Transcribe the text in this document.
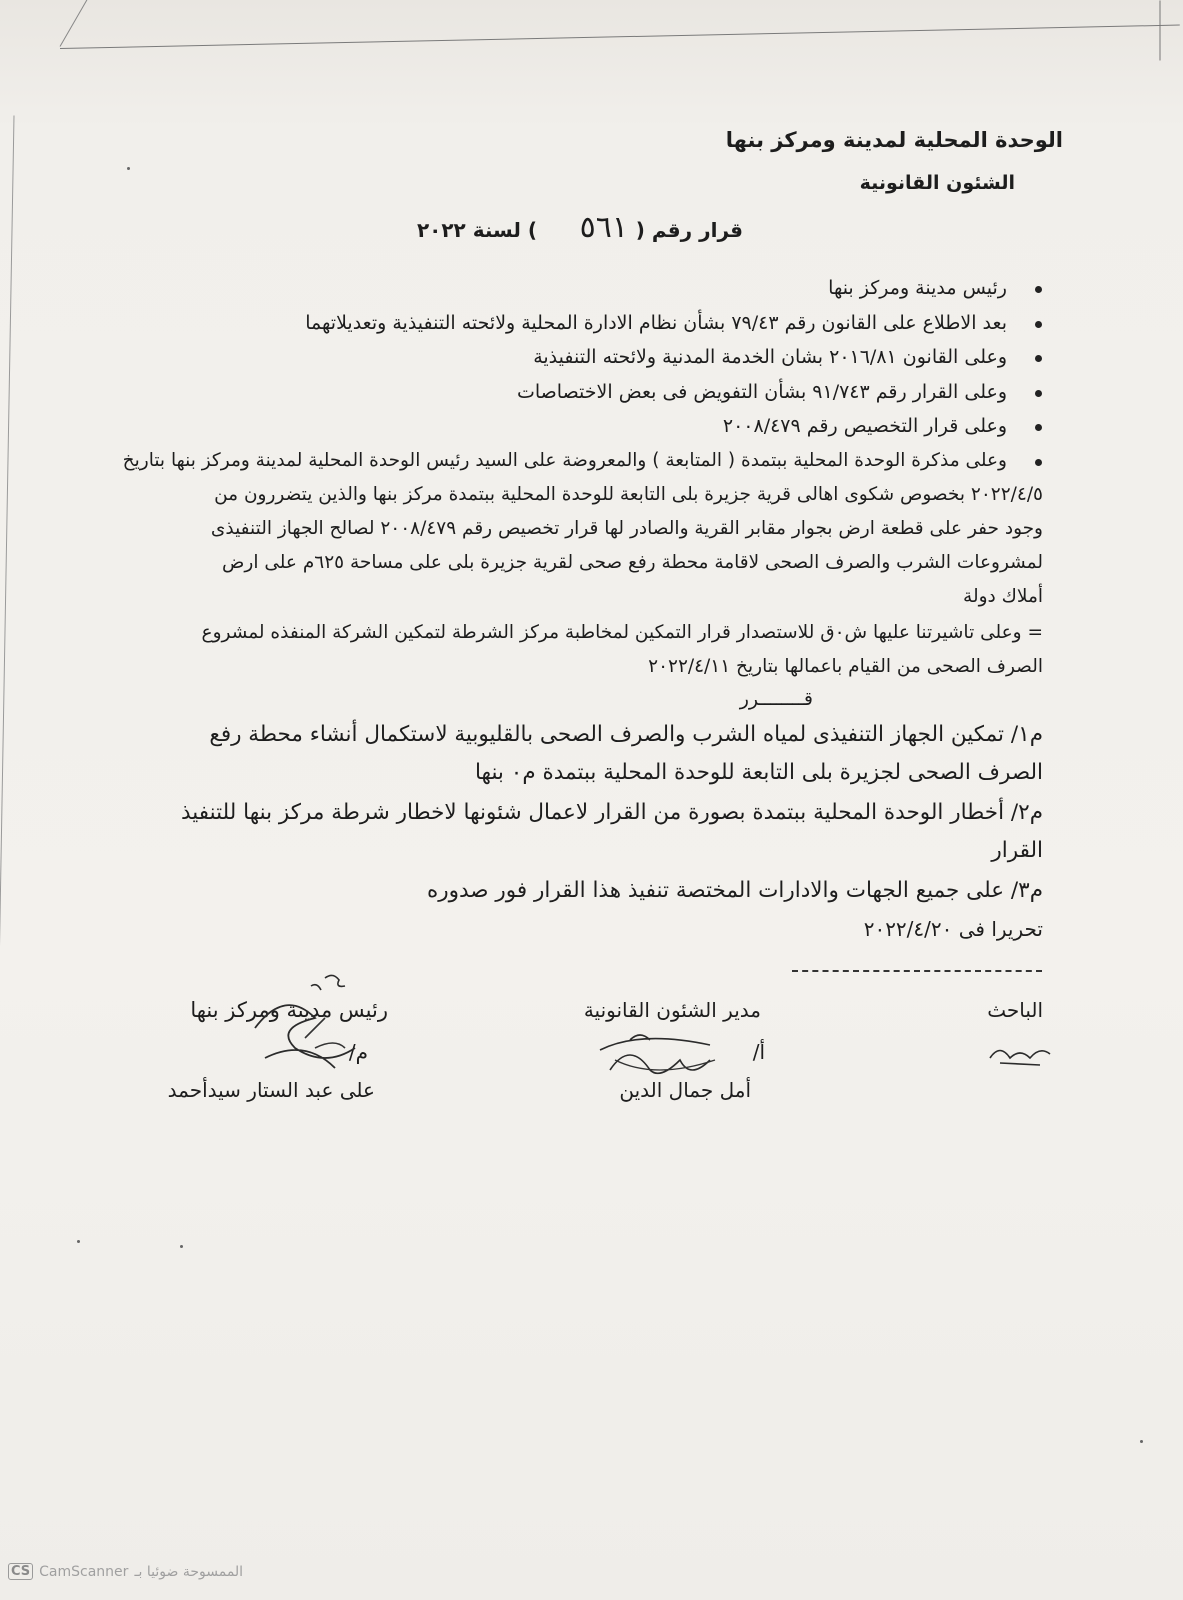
الوحدة المحلية لمدينة ومركز بنها
الشئون القانونية
قرار رقم (
٥٦١
) لسنة ٢٠٢٢
رئيس مدينة ومركز بنها
بعد الاطلاع على القانون رقم ٧٩/٤٣ بشأن نظام الادارة المحلية ولائحته التنفيذية وتعديلاتهما
وعلى القانون ٢٠١٦/٨١ بشان الخدمة المدنية ولائحته التنفيذية
وعلى القرار رقم ٩١/٧٤٣ بشأن التفويض فى بعض الاختصاصات
وعلى قرار التخصيص رقم ٢٠٠٨/٤٧٩
وعلى مذكرة الوحدة المحلية ببتمدة ( المتابعة ) والمعروضة على السيد رئيس الوحدة المحلية لمدينة ومركز بنها بتاريخ
٢٠٢٢/٤/٥ بخصوص شكوى اهالى قرية جزيرة بلى التابعة للوحدة المحلية ببتمدة مركز بنها والذين يتضررون من
وجود حفر على قطعة ارض بجوار مقابر القرية والصادر لها قرار تخصيص رقم ٢٠٠٨/٤٧٩ لصالح الجهاز التنفيذى
لمشروعات الشرب والصرف الصحى لاقامة محطة رفع صحى لقرية جزيرة بلى على مساحة ٦٢٥م على ارض
أملاك دولة
= وعلى تاشيرتنا عليها ش٠ق للاستصدار قرار التمكين لمخاطبة مركز الشرطة لتمكين الشركة المنفذه لمشروع
الصرف الصحى من القيام باعمالها بتاريخ ٢٠٢٢/٤/١١
قــــــــرر
م١/ تمكين الجهاز التنفيذى لمياه الشرب والصرف الصحى بالقليوبية لاستكمال أنشاء محطة رفع
الصرف الصحى لجزيرة بلى التابعة للوحدة المحلية ببتمدة م٠ بنها
م٢/ أخطار الوحدة المحلية ببتمدة بصورة من القرار لاعمال شئونها لاخطار شرطة مركز بنها للتنفيذ
القرار
م٣/ على جميع الجهات والادارات المختصة تنفيذ هذا القرار فور صدوره
تحريرا فى ٢٠٢٢/٤/٢٠
رئيس مدينة ومركز بنها
م/
على عبد الستار سيدأحمد
مدير الشئون القانونية
أ/
أمل جمال الدين
الباحث
CS CamScanner الممسوحة ضوئيا بـ
